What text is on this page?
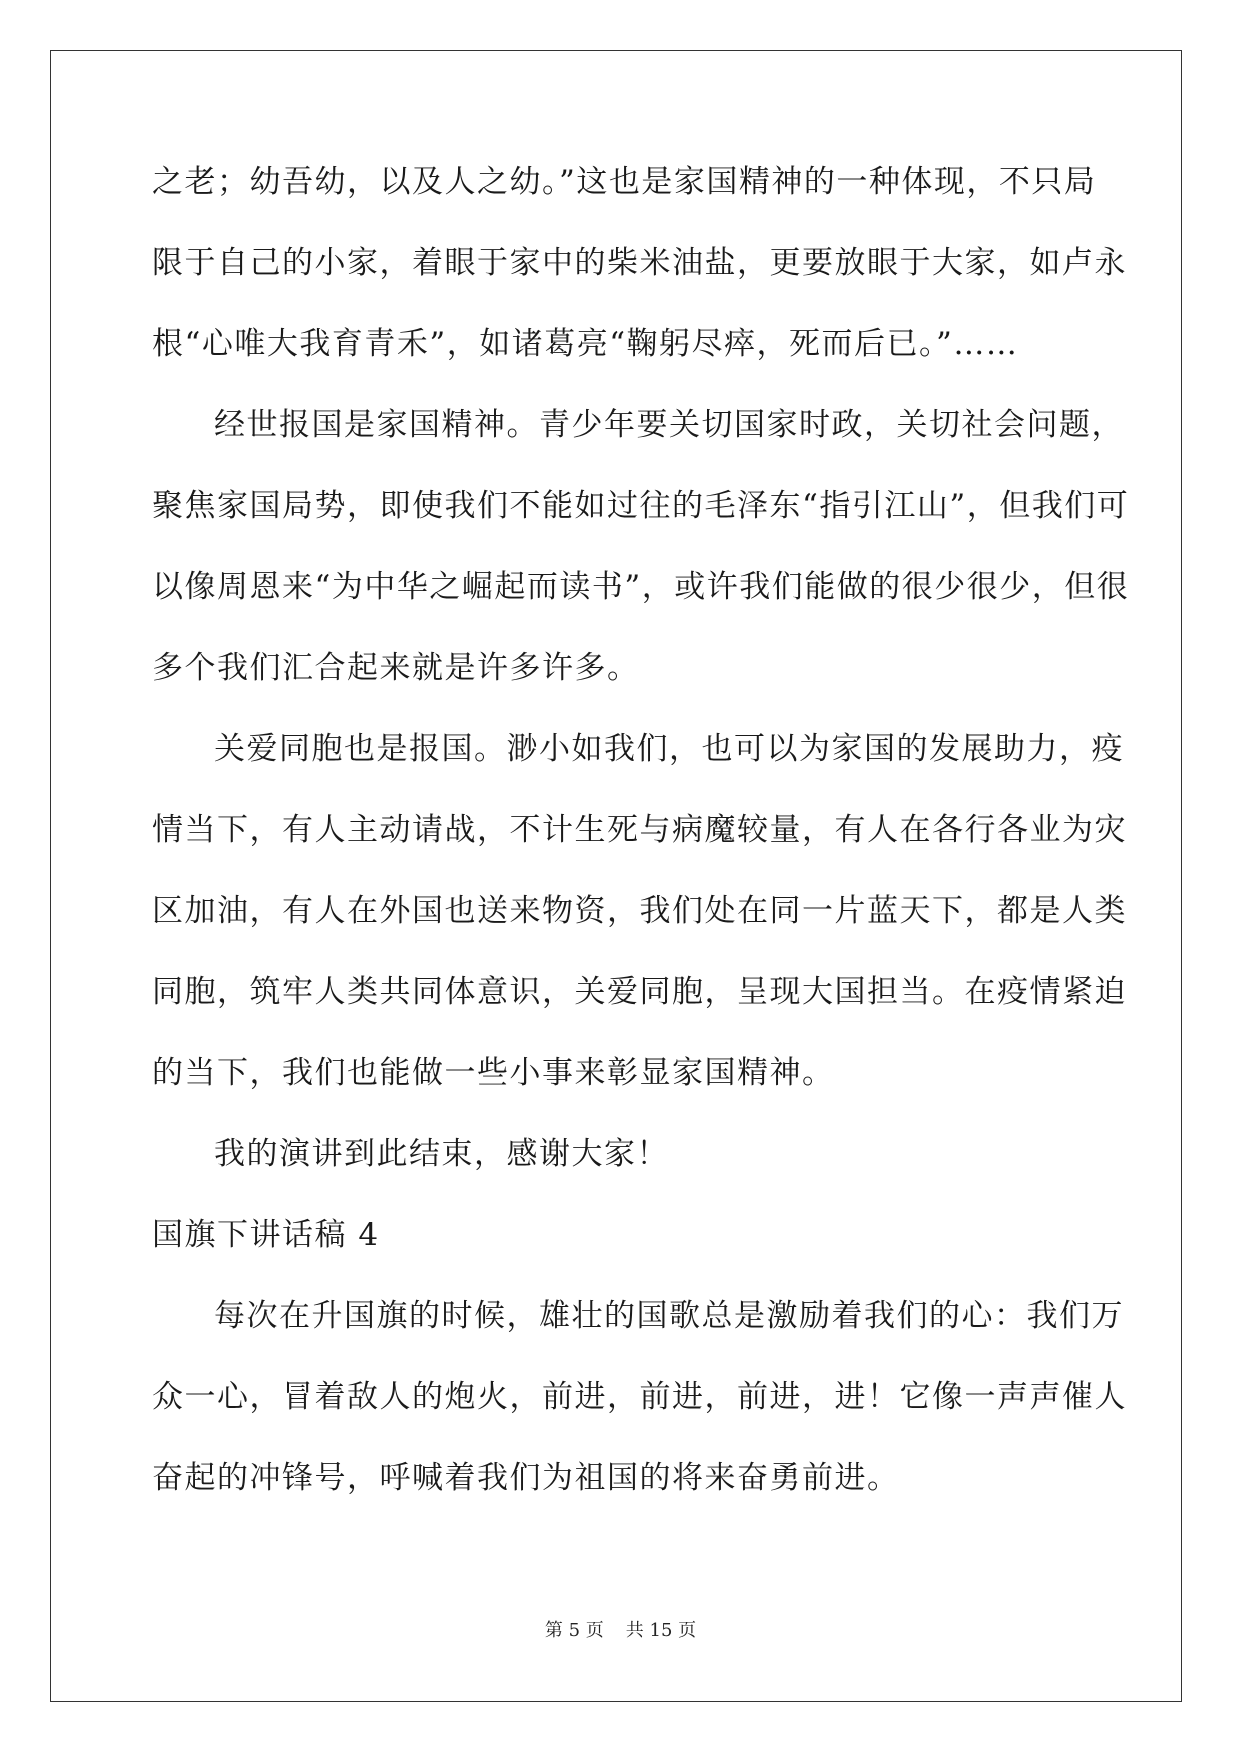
之老；幼吾幼，以及人之幼。”这也是家国精神的一种体现，不只局
限于自己的小家，着眼于家中的柴米油盐，更要放眼于大家，如卢永
根“心唯大我育青禾”，如诸葛亮“鞠躬尽瘁，死而后已。”……
经世报国是家国精神。青少年要关切国家时政，关切社会问题，
聚焦家国局势，即使我们不能如过往的毛泽东“指引江山”，但我们可
以像周恩来“为中华之崛起而读书”，或许我们能做的很少很少，但很
多个我们汇合起来就是许多许多。
关爱同胞也是报国。渺小如我们，也可以为家国的发展助力，疫
情当下，有人主动请战，不计生死与病魔较量，有人在各行各业为灾
区加油，有人在外国也送来物资，我们处在同一片蓝天下，都是人类
同胞，筑牢人类共同体意识，关爱同胞，呈现大国担当。在疫情紧迫
的当下，我们也能做一些小事来彰显家国精神。
我的演讲到此结束，感谢大家！
国旗下讲话稿 4
每次在升国旗的时候，雄壮的国歌总是激励着我们的心：我们万
众一心，冒着敌人的炮火，前进，前进，前进，进！它像一声声催人
奋起的冲锋号，呼喊着我们为祖国的将来奋勇前进。
第 5 页 共 15 页
